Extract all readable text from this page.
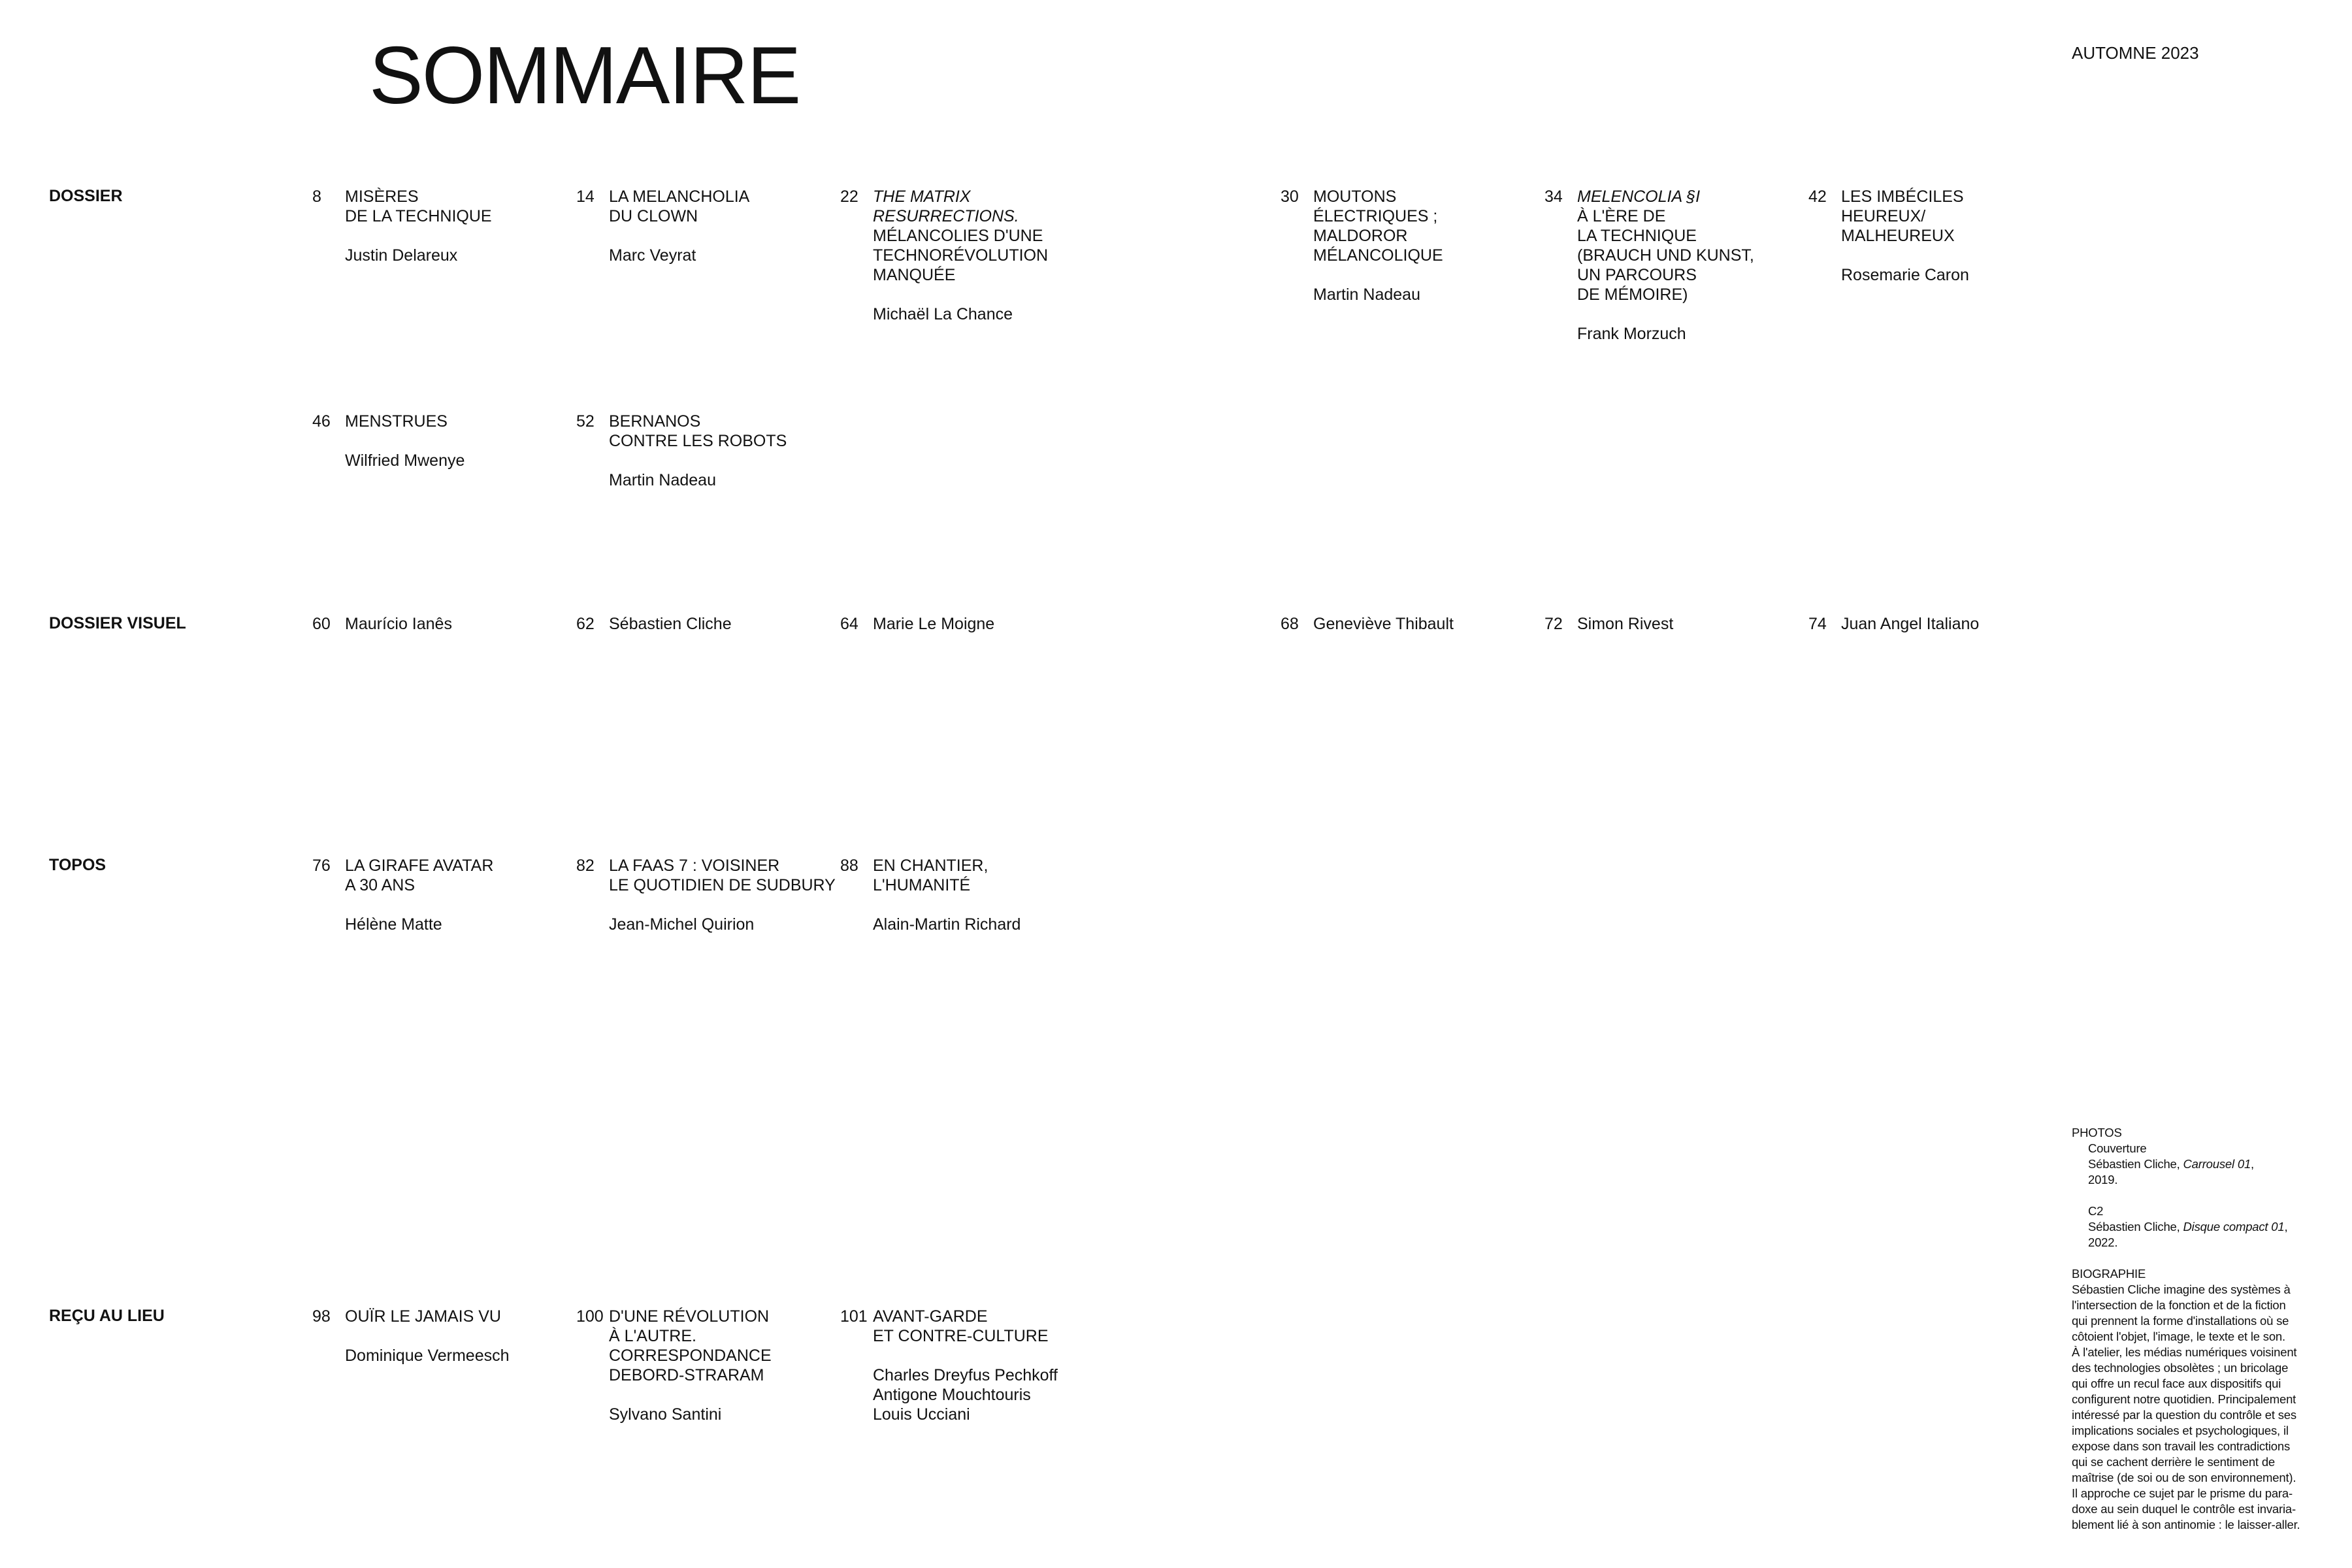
SOMMAIRE	AUTOMNE 2023
DOSSIER	8	MISÈRES
DE LA TECHNIQUE
Justin Delareux
14 LA MELANCHOLIA
DU CLOWN
Marc Veyrat
22 THE MATRIX
RESURRECTIONS.
MÉLANCOLIES D'UNE
TECHNORÉVOLUTION
MANQUÉE
Michaël La Chance
30 MOUTONS
ÉLECTRIQUES ;
MALDOROR
MÉLANCOLIQUE
Martin Nadeau
34 MELENCOLIA §I
À L'ÈRE DE
LA TECHNIQUE
(BRAUCH UND KUNST,
UN PARCOURS
DE MÉMOIRE)
Frank Morzuch
42 LES IMBÉCILES
HEUREUX/
MALHEUREUX
Rosemarie Caron
46 MENSTRUES
Wilfried Mwenye
52 BERNANOS
CONTRE LES ROBOTS
Martin Nadeau
DOSSIER VISUEL	60 Maurício Ianês	62 Sébastien Cliche	64 Marie Le Moigne	68 Geneviève Thibault	72 Simon Rivest	74 Juan Angel Italiano
TOPOS	76 LA GIRAFE AVATAR
A 30 ANS
Hélène Matte
82 LA FAAS 7 : VOISINER
LE QUOTIDIEN DE SUDBURY
Jean-Michel Quirion
88 EN CHANTIER,
L'HUMANITÉ
Alain-Martin Richard
REÇU AU LIEU	98 OUÏR LE JAMAIS VU
Dominique Vermeesch
100 D'UNE RÉVOLUTION
À L'AUTRE.
CORRESPONDANCE
DEBORD-STRARAM
Sylvano Santini
101 AVANT-GARDE
ET CONTRE-CULTURE
Charles Dreyfus Pechkoff
Antigone Mouchtouris
Louis Ucciani
PHOTOS
Couverture
Sébastien Cliche, Carrousel 01,
2019.
C2
Sébastien Cliche, Disque compact 01,
2022.
BIOGRAPHIE
Sébastien Cliche imagine des systèmes à
l'intersection de la fonction et de la fiction
qui prennent la forme d'installations où se
côtoient l'objet, l'image, le texte et le son.
À l'atelier, les médias numériques voisinent
des technologies obsolètes ; un bricolage
qui offre un recul face aux dispositifs qui
configurent notre quotidien. Principalement
intéressé par la question du contrôle et ses
implications sociales et psychologiques, il
expose dans son travail les contradictions
qui se cachent derrière le sentiment de
maîtrise (de soi ou de son environnement).
Il approche ce sujet par le prisme du para-
doxe au sein duquel le contrôle est invaria-
blement lié à son antinomie : le laisser-aller.
